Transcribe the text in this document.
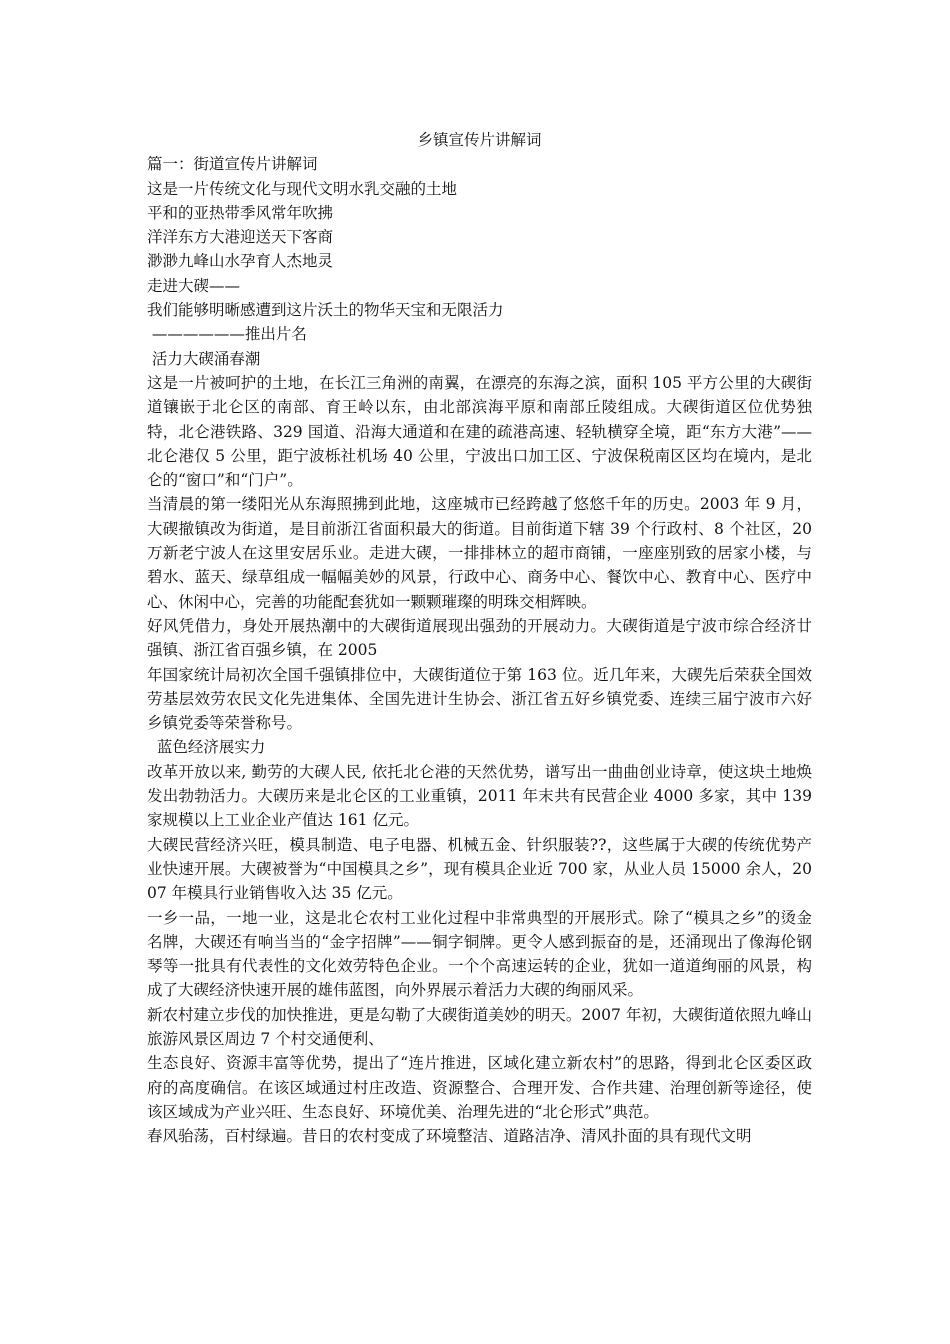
乡镇宣传片讲解词
篇一：街道宣传片讲解词
这是一片传统文化与现代文明水乳交融的土地
平和的亚热带季风常年吹拂
洋洋东方大港迎送天下客商
渺渺九峰山水孕育人杰地灵
走进大碶——
我们能够明晰感遭到这片沃土的物华天宝和无限活力
——————推出片名
活力大碶涌春潮

这是一片被呵护的土地，在长江三角洲的南翼，在漂亮的东海之滨，面积 105 平方公里的大碶街道镶嵌于北仑区的南部、育王岭以东，由北部滨海平原和南部丘陵组成。大碶街道区位优势独特，北仑港铁路、329 国道、沿海大通道和在建的疏港高速、轻轨横穿全境，距“东方大港”——北仑港仅 5 公里，距宁波栎社机场 40 公里，宁波出口加工区、宁波保税南区区均在境内，是北仑的“窗口”和“门户”。

当清晨的第一缕阳光从东海照拂到此地，这座城市已经跨越了悠悠千年的历史。2003 年 9 月，大碶撤镇改为街道，是目前浙江省面积最大的街道。目前街道下辖 39 个行政村、8 个社区，20 万新老宁波人在这里安居乐业。走进大碶，一排排林立的超市商铺，一座座别致的居家小楼，与碧水、蓝天、绿草组成一幅幅美妙的风景，行政中心、商务中心、餐饮中心、教育中心、医疗中心、休闲中心，完善的功能配套犹如一颗颗璀璨的明珠交相辉映。

好风凭借力，身处开展热潮中的大碶街道展现出强劲的开展动力。大碶街道是宁波市综合经济廿强镇、浙江省百强乡镇，在 2005

年国家统计局初次全国千强镇排位中，大碶街道位于第 163 位。近几年来，大碶先后荣获全国效劳基层效劳农民文化先进集体、全国先进计生协会、浙江省五好乡镇党委、连续三届宁波市六好乡镇党委等荣誉称号。

蓝色经济展实力

改革开放以来, 勤劳的大碶人民, 依托北仑港的天然优势，谱写出一曲曲创业诗章，使这块土地焕发出勃勃活力。大碶历来是北仑区的工业重镇，2011 年末共有民营企业 4000 多家，其中 139 家规模以上工业企业产值达 161 亿元。

大碶民营经济兴旺，模具制造、电子电器、机械五金、针织服装??，这些属于大碶的传统优势产业快速开展。大碶被誉为“中国模具之乡”，现有模具企业近 700 家，从业人员 15000 余人，2007 年模具行业销售收入达 35 亿元。

一乡一品，一地一业，这是北仑农村工业化过程中非常典型的开展形式。除了“模具之乡”的烫金名牌，大碶还有响当当的“金字招牌”——铜字铜牌。更令人感到振奋的是，还涌现出了像海伦钢琴等一批具有代表性的文化效劳特色企业。一个个高速运转的企业，犹如一道道绚丽的风景，构成了大碶经济快速开展的雄伟蓝图，向外界展示着活力大碶的绚丽风采。

新农村建立步伐的加快推进，更是勾勒了大碶街道美妙的明天。2007 年初，大碶街道依照九峰山旅游风景区周边 7 个村交通便利、

生态良好、资源丰富等优势，提出了“连片推进，区域化建立新农村”的思路，得到北仑区委区政府的高度确信。在该区域通过村庄改造、资源整合、合理开发、合作共建、治理创新等途径，使该区域成为产业兴旺、生态良好、环境优美、治理先进的“北仑形式”典范。

春风骀荡，百村绿遍。昔日的农村变成了环境整洁、道路洁净、清风扑面的具有现代文明
